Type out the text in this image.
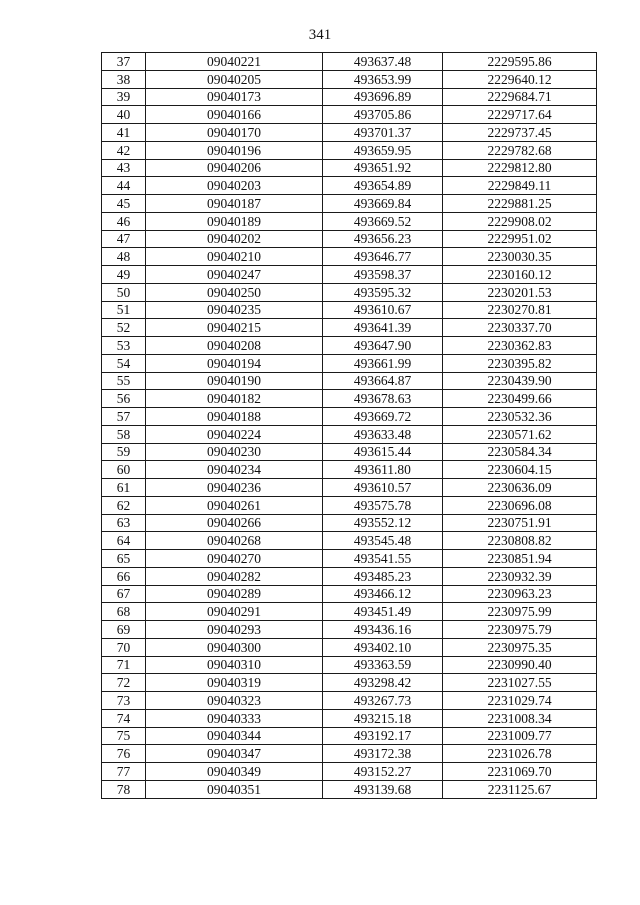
341
37	09040221	493637.48	2229595.86
38	09040205	493653.99	2229640.12
39	09040173	493696.89	2229684.71
40	09040166	493705.86	2229717.64
41	09040170	493701.37	2229737.45
42	09040196	493659.95	2229782.68
43	09040206	493651.92	2229812.80
44	09040203	493654.89	2229849.11
45	09040187	493669.84	2229881.25
46	09040189	493669.52	2229908.02
47	09040202	493656.23	2229951.02
48	09040210	493646.77	2230030.35
49	09040247	493598.37	2230160.12
50	09040250	493595.32	2230201.53
51	09040235	493610.67	2230270.81
52	09040215	493641.39	2230337.70
53	09040208	493647.90	2230362.83
54	09040194	493661.99	2230395.82
55	09040190	493664.87	2230439.90
56	09040182	493678.63	2230499.66
57	09040188	493669.72	2230532.36
58	09040224	493633.48	2230571.62
59	09040230	493615.44	2230584.34
60	09040234	493611.80	2230604.15
61	09040236	493610.57	2230636.09
62	09040261	493575.78	2230696.08
63	09040266	493552.12	2230751.91
64	09040268	493545.48	2230808.82
65	09040270	493541.55	2230851.94
66	09040282	493485.23	2230932.39
67	09040289	493466.12	2230963.23
68	09040291	493451.49	2230975.99
69	09040293	493436.16	2230975.79
70	09040300	493402.10	2230975.35
71	09040310	493363.59	2230990.40
72	09040319	493298.42	2231027.55
73	09040323	493267.73	2231029.74
74	09040333	493215.18	2231008.34
75	09040344	493192.17	2231009.77
76	09040347	493172.38	2231026.78
77	09040349	493152.27	2231069.70
78	09040351	493139.68	2231125.67
